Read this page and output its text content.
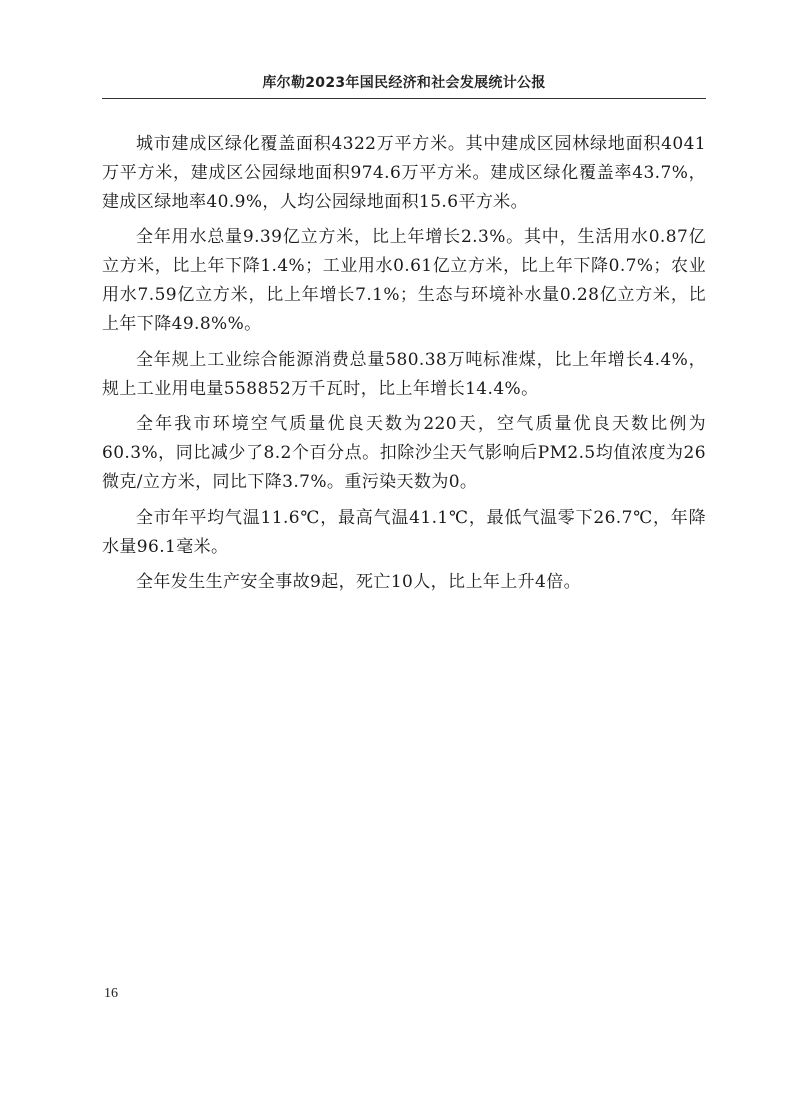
库尔勒2023年国民经济和社会发展统计公报

城市建成区绿化覆盖面积4322万平方米。其中建成区园林绿地面积4041万平方米，建成区公园绿地面积974.6万平方米。建成区绿化覆盖率43.7%，建成区绿地率40.9%，人均公园绿地面积15.6平方米。

全年用水总量9.39亿立方米，比上年增长2.3%。其中，生活用水0.87亿立方米，比上年下降1.4%；工业用水0.61亿立方米，比上年下降0.7%；农业用水7.59亿立方米，比上年增长7.1%；生态与环境补水量0.28亿立方米，比上年下降49.8%%。

全年规上工业综合能源消费总量580.38万吨标准煤，比上年增长4.4%，规上工业用电量558852万千瓦时，比上年增长14.4%。

全年我市环境空气质量优良天数为220天，空气质量优良天数比例为60.3%，同比减少了8.2个百分点。扣除沙尘天气影响后PM2.5均值浓度为26微克/立方米，同比下降3.7%。重污染天数为0。

全市年平均气温11.6℃，最高气温41.1℃，最低气温零下26.7℃，年降水量96.1毫米。

全年发生生产安全事故9起，死亡10人，比上年上升4倍。

16
